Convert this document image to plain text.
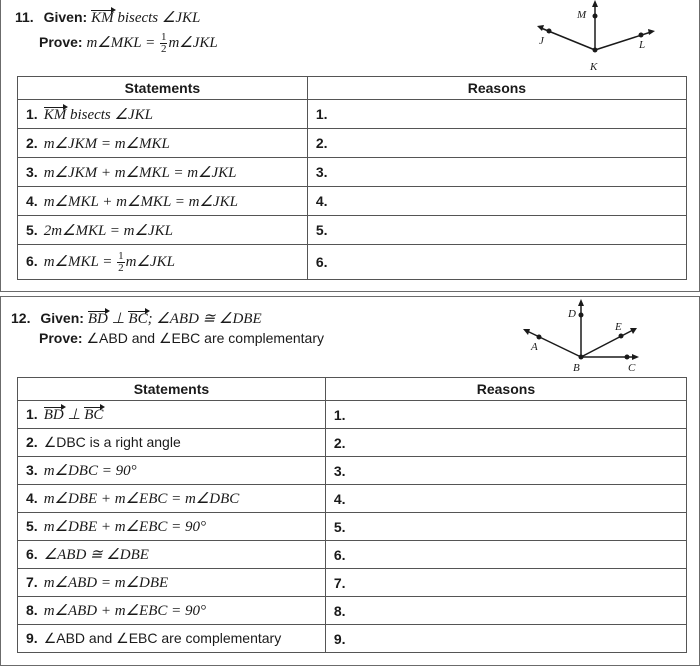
11. Given: KM bisects ∠JKL
Prove: m∠MKL = $\frac{1}{2}$ m∠JKL
M
J	L
K
Statements	Reasons
1. KM bisects ∠JKL	1.
2. m∠JKM = m∠MKL	2.
3. m∠JKM + m∠MKL = m∠JKL	3.
4. m∠MKL + m∠MKL = m∠JKL	4.
5. 2m∠MKL = m∠JKL	5.
6. m∠MKL = $\frac{1}{2}$ m∠JKL	6.
12. Given: BD ⊥ BC; ∠ABD ≅ ∠DBE
Prove: ∠ABD and ∠EBC are complementary
D
E
A
B	C
Statements	Reasons
1. BD ⊥ BC	1.
2. ∠DBC is a right angle	2.
3. m∠DBC = 90°	3.
4. m∠DBE + m∠EBC = m∠DBC	4.
5. m∠DBE + m∠EBC = 90°	5.
6. ∠ABD ≅ ∠DBE	6.
7. m∠ABD = m∠DBE	7.
8. m∠ABD + m∠EBC = 90°	8.
9. ∠ABD and ∠EBC are complementary	9.
